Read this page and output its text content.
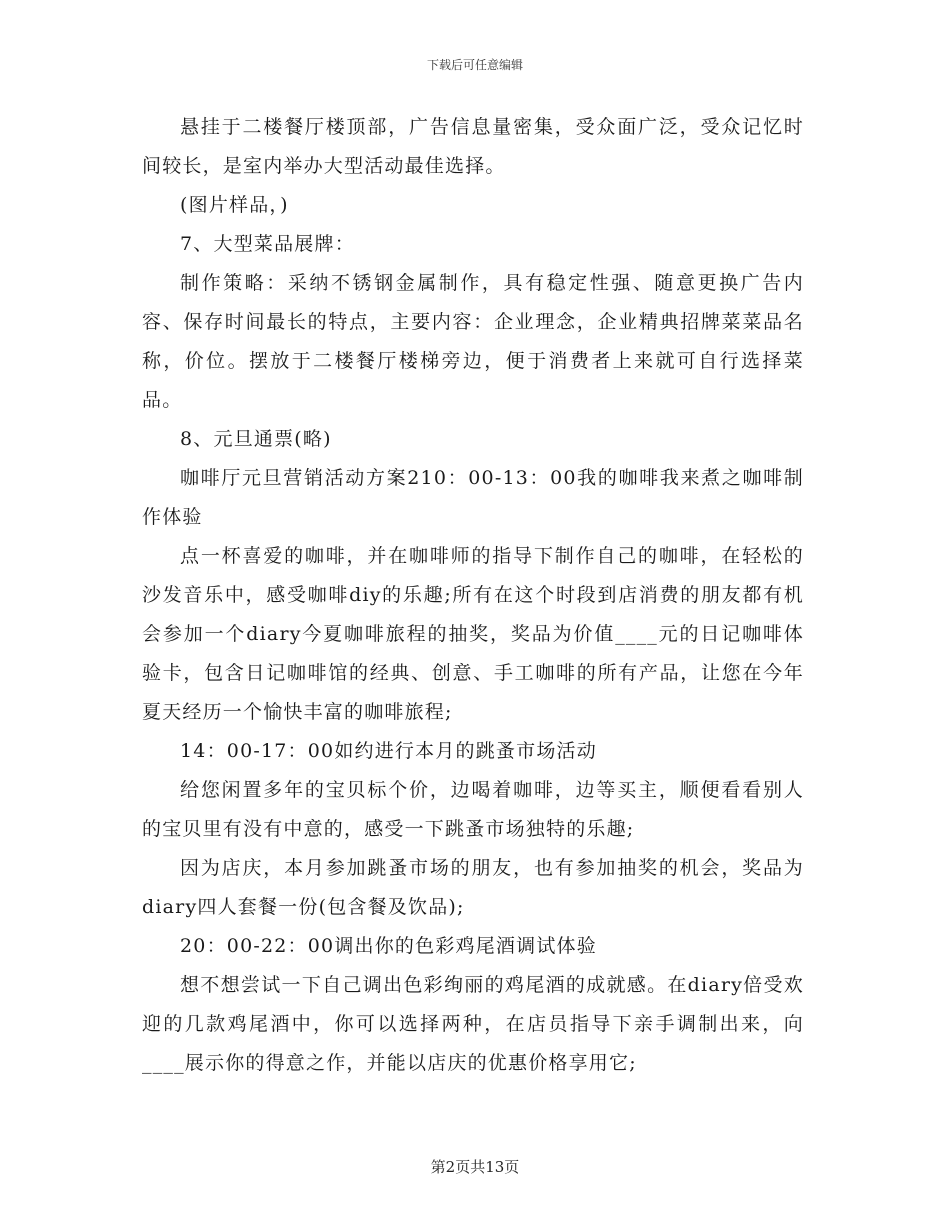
下载后可任意编辑

悬挂于二楼餐厅楼顶部，广告信息量密集，受众面广泛，受众记忆时间较长，是室内举办大型活动最佳选择。

(图片样品，)

7、大型菜品展牌：

制作策略：采纳不锈钢金属制作，具有稳定性强、随意更换广告内容、保存时间最长的特点，主要内容：企业理念，企业精典招牌菜菜品名称，价位。摆放于二楼餐厅楼梯旁边，便于消费者上来就可自行选择菜品。

8、元旦通票(略)

咖啡厅元旦营销活动方案210：00-13：00我的咖啡我来煮之咖啡制作体验

点一杯喜爱的咖啡，并在咖啡师的指导下制作自己的咖啡，在轻松的沙发音乐中，感受咖啡diy的乐趣;所有在这个时段到店消费的朋友都有机会参加一个diary今夏咖啡旅程的抽奖，奖品为价值____元的日记咖啡体验卡，包含日记咖啡馆的经典、创意、手工咖啡的所有产品，让您在今年夏天经历一个愉快丰富的咖啡旅程;

14：00-17：00如约进行本月的跳蚤市场活动

给您闲置多年的宝贝标个价，边喝着咖啡，边等买主，顺便看看别人的宝贝里有没有中意的，感受一下跳蚤市场独特的乐趣;

因为店庆，本月参加跳蚤市场的朋友，也有参加抽奖的机会，奖品为diary四人套餐一份(包含餐及饮品);

20：00-22：00调出你的色彩鸡尾酒调试体验

想不想尝试一下自己调出色彩绚丽的鸡尾酒的成就感。在diary倍受欢迎的几款鸡尾酒中，你可以选择两种，在店员指导下亲手调制出来，向____展示你的得意之作，并能以店庆的优惠价格享用它;

第2页共13页
